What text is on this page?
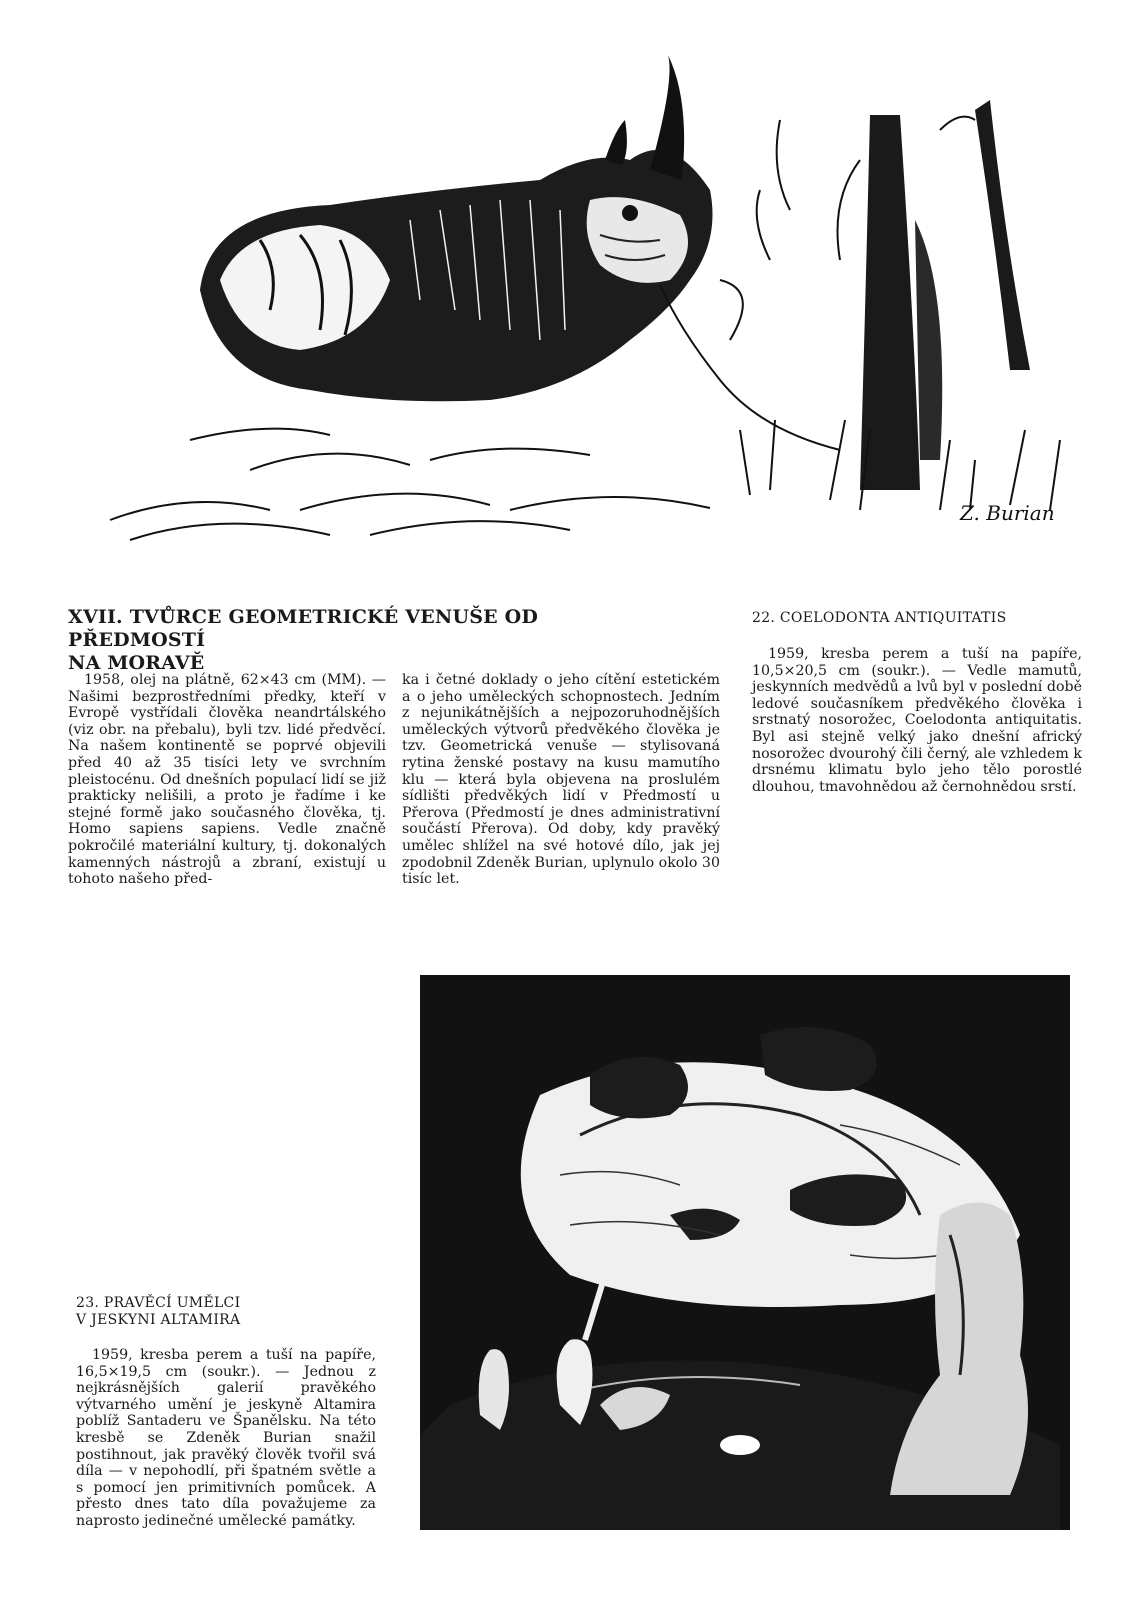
Z. Burian
XVII. TVŮRCE GEOMETRICKÉ VENUŠE OD PŘEDMOSTÍ
NA MORAVĚ

1958, olej na plátně, 62×43 cm (MM). — Našimi bezprostředními předky, kteří v Evropě vystřídali člověka neandrtálského (viz obr. na přebalu), byli tzv. lidé předvěcí. Na našem kontinentě se poprvé objevili před 40 až 35 tisíci lety ve svrchním pleistocénu. Od dnešních populací lidí se již prakticky nelišili, a proto je řadíme i ke stejné formě jako současného člověka, tj. Homo sapiens sapiens. Vedle značně pokročilé materiální kultury, tj. dokonalých kamenných nástrojů a zbraní, existují u tohoto našeho před-

ka i četné doklady o jeho cítění estetickém a o jeho uměleckých schopnostech. Jedním z nejunikátnějších a nejpozoruhodnějších uměleckých výtvorů předvěkého člověka je tzv. Geometrická venuše — stylisovaná rytina ženské postavy na kusu mamutího klu — která byla objevena na proslulém sídlišti předvěkých lidí v Předmostí u Přerova (Předmostí je dnes administrativní součástí Přerova). Od doby, kdy pravěký umělec shlížel na své hotové dílo, jak jej zpodobnil Zdeněk Burian, uplynulo okolo 30 tisíc let.

22. COELODONTA ANTIQUITATIS

1959, kresba perem a tuší na papíře, 10,5×20,5 cm (soukr.). — Vedle mamutů, jeskynních medvědů a lvů byl v poslední době ledové současníkem předvěkého člověka i srstnatý nosorožec, Coelodonta antiquitatis. Byl asi stejně velký jako dnešní africký nosorožec dvourohý čili černý, ale vzhledem k drsnému klimatu bylo jeho tělo porostlé dlouhou, tmavohnědou až černohnědou srstí.

23. PRAVĚCÍ UMĚLCI
V JESKYNI ALTAMIRA

1959, kresba perem a tuší na papíře, 16,5×19,5 cm (soukr.). — Jednou z nejkrásnějších galerií pravěkého výtvarného umění je jeskyně Altamira poblíž Santaderu ve Španělsku. Na této kresbě se Zdeněk Burian snažil postihnout, jak pravěký člověk tvořil svá díla — v nepohodlí, při špatném světle a s pomocí jen primitivních pomůcek. A přesto dnes tato díla považujeme za naprosto jedinečné umělecké památky.
